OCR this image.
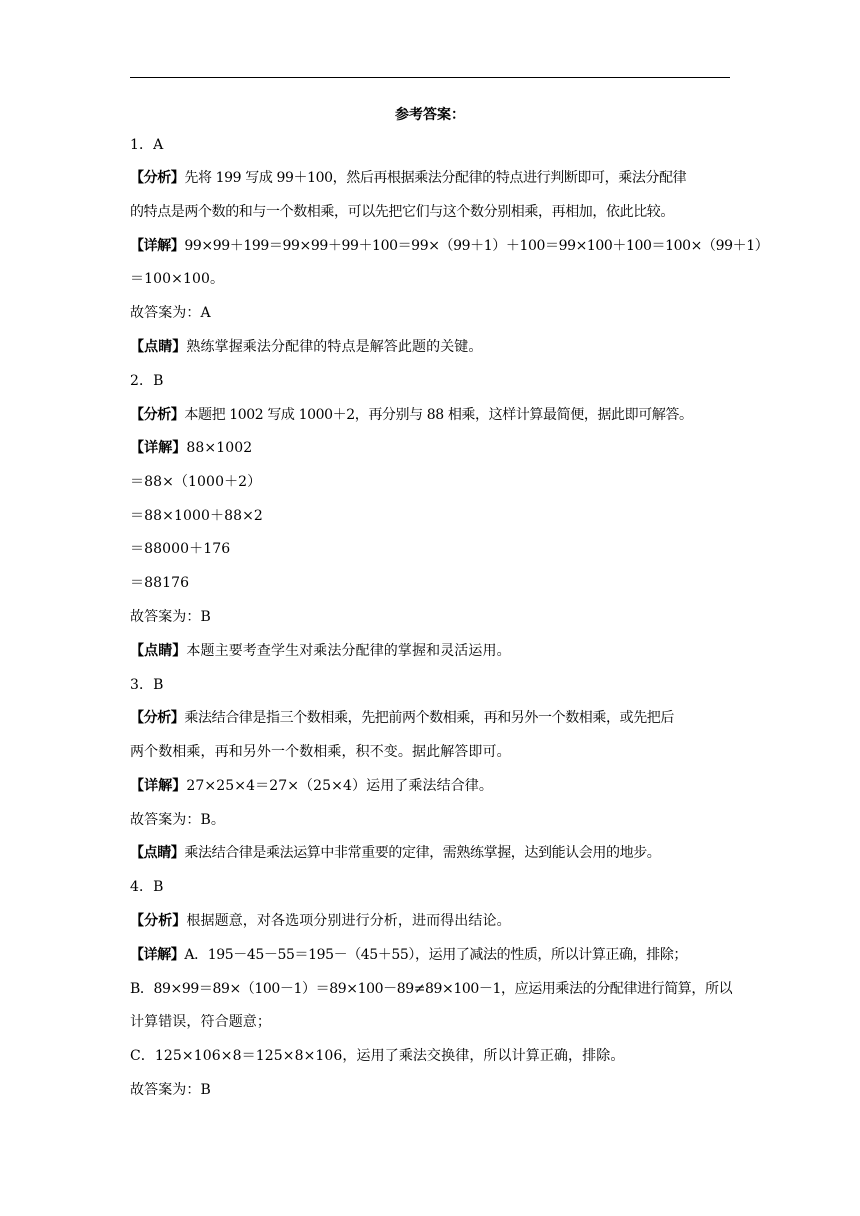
参考答案：
1．A
【分析】先将 199 写成 99＋100，然后再根据乘法分配律的特点进行判断即可，乘法分配律
的特点是两个数的和与一个数相乘，可以先把它们与这个数分别相乘，再相加，依此比较。
【详解】99×99＋199＝99×99＋99＋100＝99×（99＋1）＋100＝99×100＋100＝100×（99＋1）
＝100×100。
故答案为：A
【点睛】熟练掌握乘法分配律的特点是解答此题的关键。
2．B
【分析】本题把 1002 写成 1000＋2，再分别与 88 相乘，这样计算最简便，据此即可解答。
【详解】88×1002
＝88×（1000＋2）
＝88×1000＋88×2
＝88000＋176
＝88176
故答案为：B
【点睛】本题主要考查学生对乘法分配律的掌握和灵活运用。
3．B
【分析】乘法结合律是指三个数相乘，先把前两个数相乘，再和另外一个数相乘，或先把后
两个数相乘，再和另外一个数相乘，积不变。据此解答即可。
【详解】27×25×4＝27×（25×4）运用了乘法结合律。
故答案为：B。
【点睛】乘法结合律是乘法运算中非常重要的定律，需熟练掌握，达到能认会用的地步。
4．B
【分析】根据题意，对各选项分别进行分析，进而得出结论。
【详解】A．195－45－55＝195－（45＋55），运用了减法的性质，所以计算正确，排除；
B．89×99＝89×（100－1）＝89×100－89≠89×100－1，应运用乘法的分配律进行简算，所以
计算错误，符合题意；
C．125×106×8＝125×8×106，运用了乘法交换律，所以计算正确，排除。
故答案为：B
